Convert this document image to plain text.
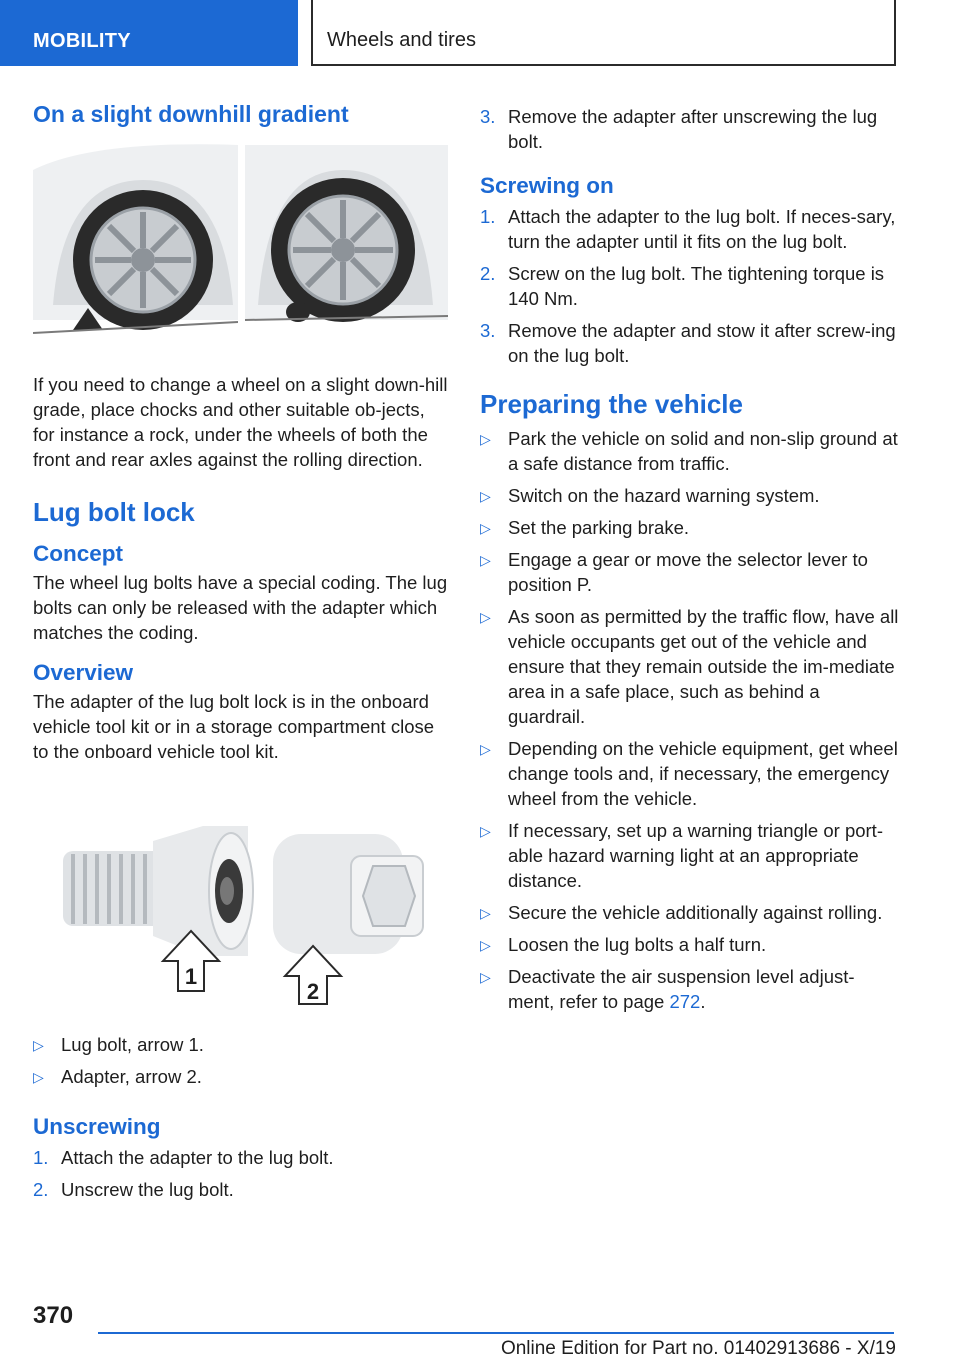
MOBILITY	Wheels and tires
On a slight downhill gradient
If you need to change a wheel on a slight down-hill grade, place chocks and other suitable ob-jects, for instance a rock, under the wheels of both the front and rear axles against the rolling direction.
Lug bolt lock
Concept
The wheel lug bolts have a special coding. The lug bolts can only be released with the adapter which matches the coding.
Overview
The adapter of the lug bolt lock is in the onboard vehicle tool kit or in a storage compartment close to the onboard vehicle tool kit.
1
2
▷ Lug bolt, arrow 1.
▷ Adapter, arrow 2.
Unscrewing
1. Attach the adapter to the lug bolt.
2. Unscrew the lug bolt.
3. Remove the adapter after unscrewing the lug bolt.
Screwing on
1. Attach the adapter to the lug bolt. If neces-sary, turn the adapter until it fits on the lug bolt.
2. Screw on the lug bolt. The tightening torque is 140 Nm.
3. Remove the adapter and stow it after screw-ing on the lug bolt.
Preparing the vehicle
▷ Park the vehicle on solid and non-slip ground at a safe distance from traffic.
▷ Switch on the hazard warning system.
▷ Set the parking brake.
▷ Engage a gear or move the selector lever to position P.
▷ As soon as permitted by the traffic flow, have all vehicle occupants get out of the vehicle and ensure that they remain outside the im-mediate area in a safe place, such as behind a guardrail.
▷ Depending on the vehicle equipment, get wheel change tools and, if necessary, the emergency wheel from the vehicle.
▷ If necessary, set up a warning triangle or port-able hazard warning light at an appropriate distance.
▷ Secure the vehicle additionally against rolling.
▷ Loosen the lug bolts a half turn.
▷ Deactivate the air suspension level adjust-ment, refer to page 272.
370
Online Edition for Part no. 01402913686 - X/19
